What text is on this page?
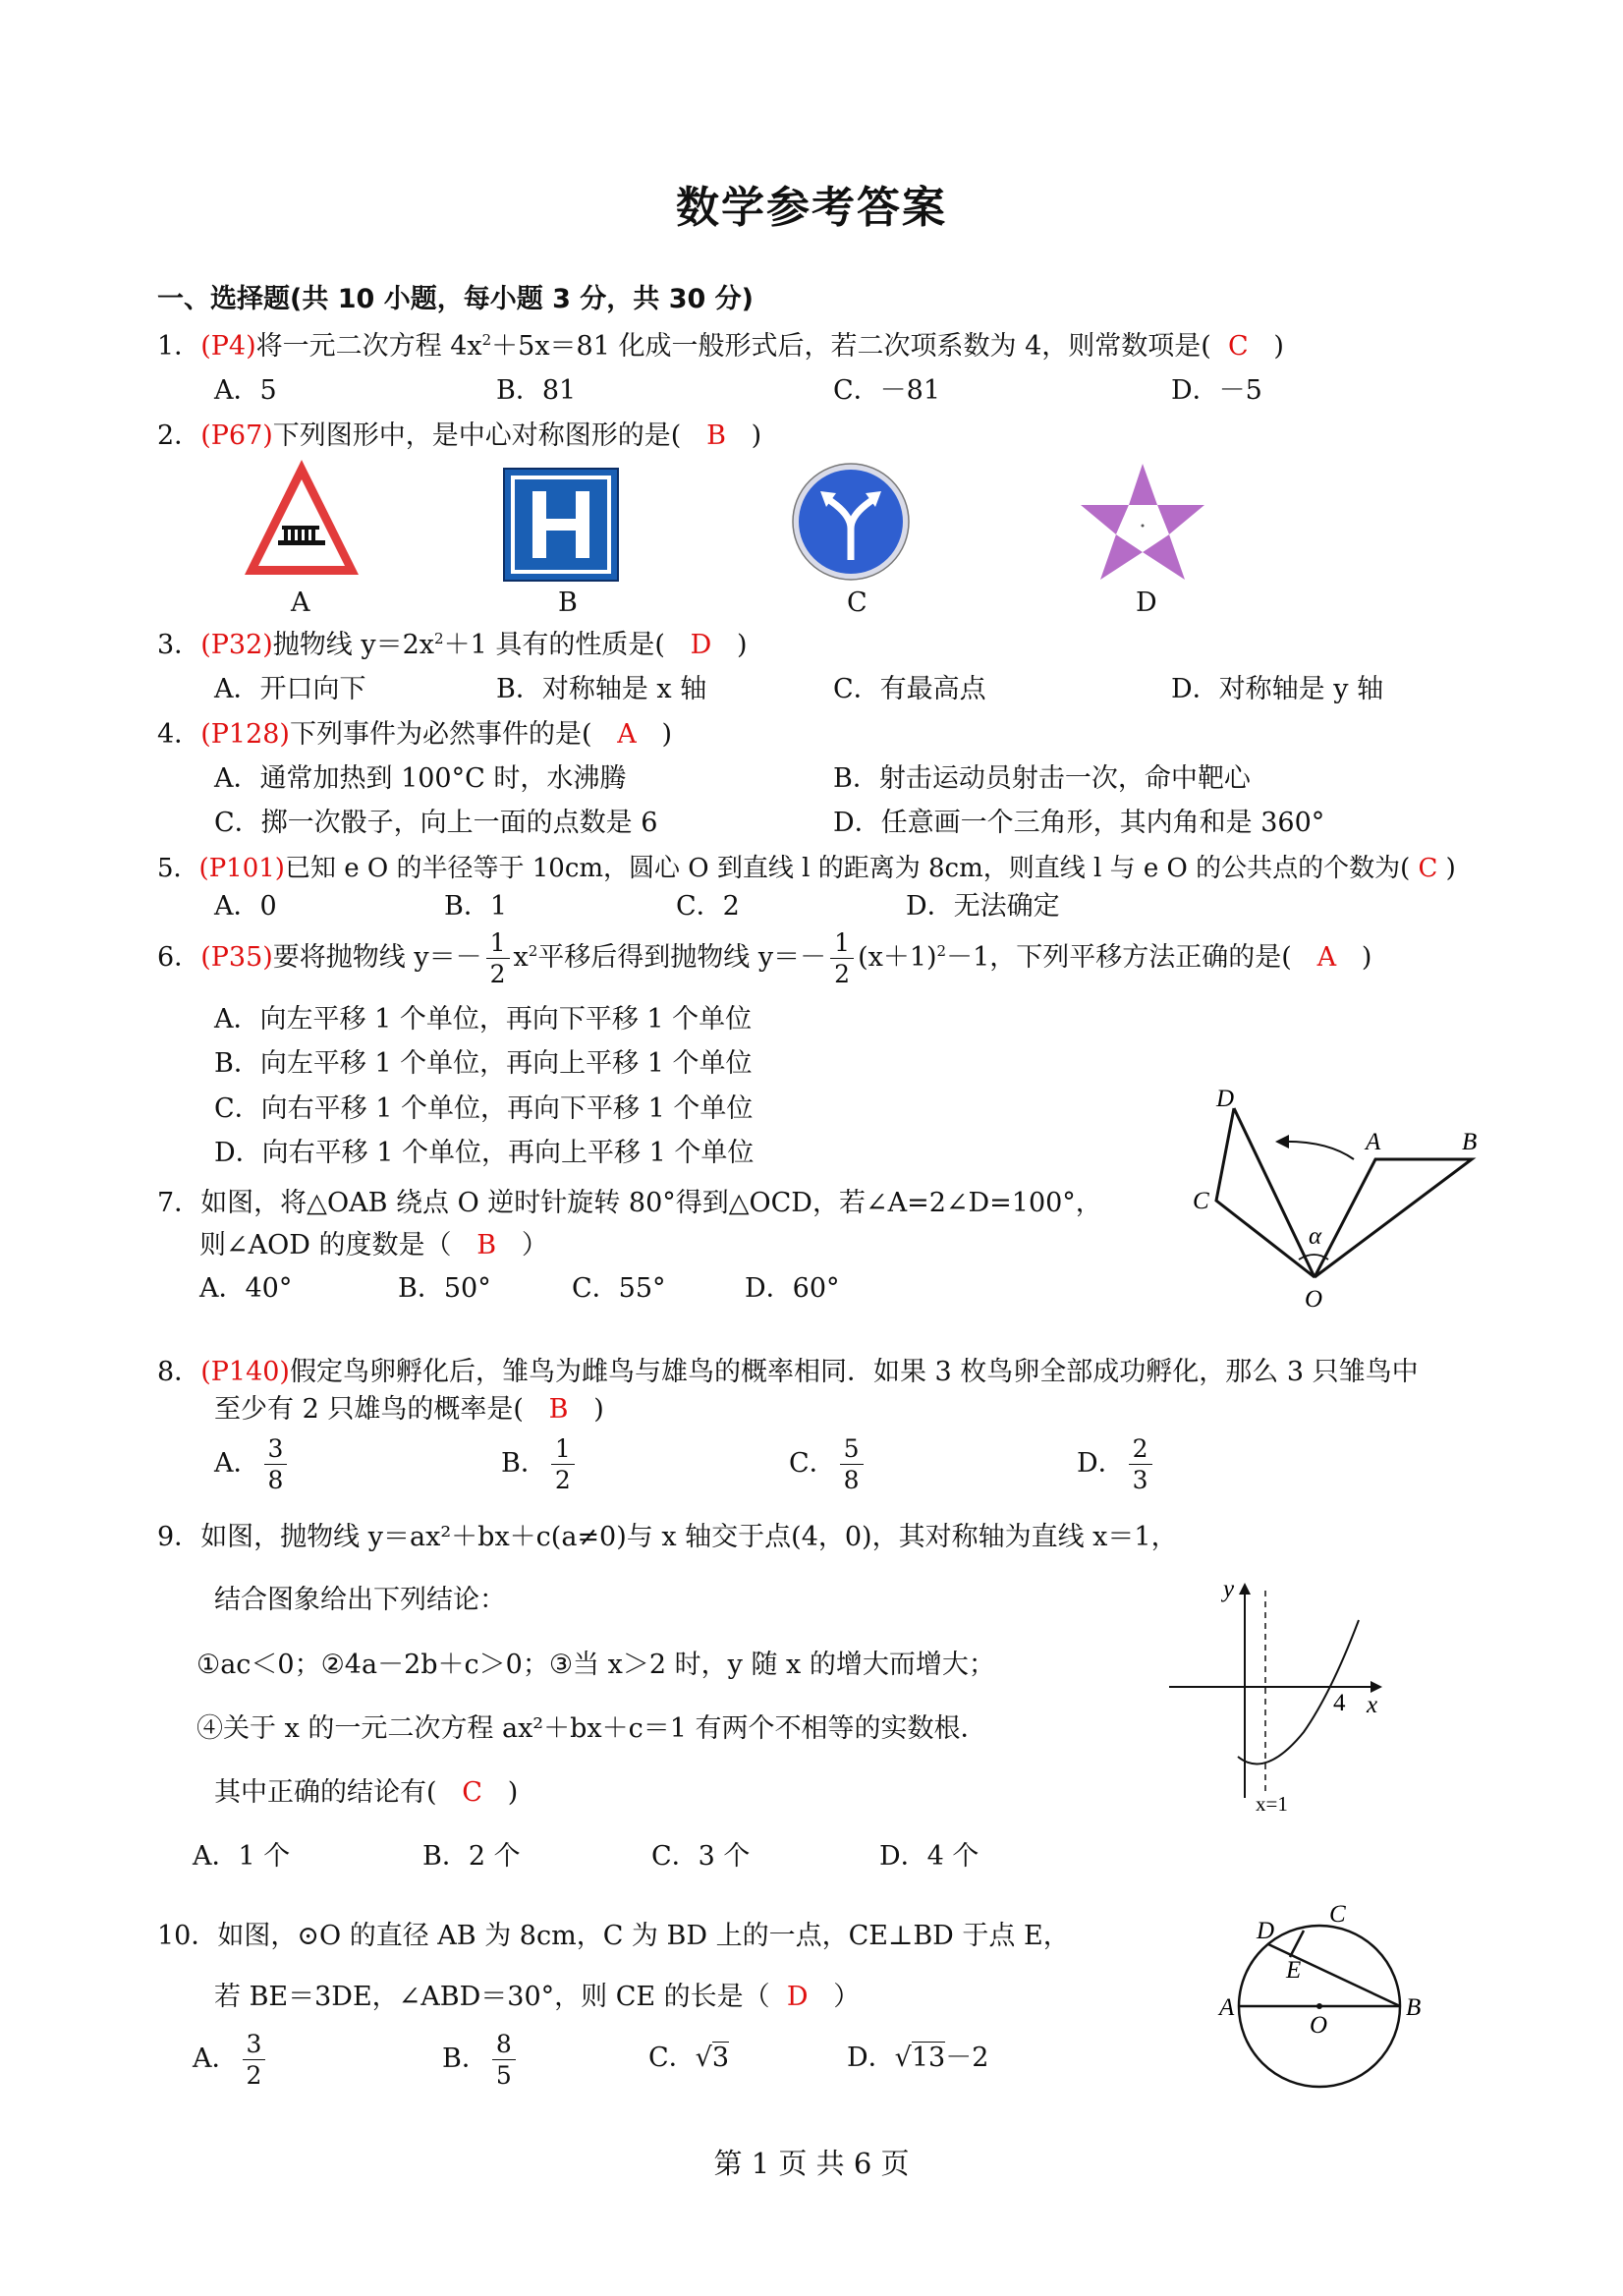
数学参考答案
一、选择题(共 10 小题，每小题 3 分，共 30 分)
1．(P4)将一元二次方程 $4x^2+5x=81$ 化成一般形式后，若二次项系数为 4，则常数项是( C )
A．5	B．81	C．－81	D．－5
2．(P67)下列图形中，是中心对称图形的是( B )
A	B	C	D
3．(P32)抛物线 $y=2x^2+1$ 具有的性质是( D )
A．开口向下	B．对称轴是 x 轴	C．有最高点	D．对称轴是 y 轴
4．(P128)下列事件为必然事件的是( A )
A．通常加热到 100°C 时，水沸腾	B．射击运动员射击一次，命中靶心
C．掷一次骰子，向上一面的点数是 6	D．任意画一个三角形，其内角和是 360°
5．(P101)已知 e O 的半径等于 10cm，圆心 O 到直线 l 的距离为 8cm，则直线 l 与 e O 的公共点的个数为( C )
A．0	B．1	C．2	D．无法确定
6．(P35)要将抛物线 $y=- \frac{1}{2} x^2$平移后得到抛物线 $y=- \frac{1}{2} (x+1)^2-1$，下列平移方法正确的是( A )
A．向左平移 1 个单位，再向下平移 1 个单位
B．向左平移 1 个单位，再向上平移 1 个单位
C．向右平移 1 个单位，再向下平移 1 个单位
D．向右平移 1 个单位，再向上平移 1 个单位
7．如图，将△OAB 绕点 O 逆时针旋转 80°得到△OCD，若∠A=2∠D=100°，
则∠AOD 的度数是（ B ）
A．40°	B．50°	C．55°	D．60°
D
A	B
C
α
O
8．(P140)假定鸟卵孵化后，雏鸟为雌鸟与雄鸟的概率相同．如果 3 枚鸟卵全部成功孵化，那么 3 只雏鸟中
至少有 2 只雄鸟的概率是( B )
A． $\frac{3}{8}$	B． $\frac{1}{2}$	C． $\frac{5}{8}$	D． $\frac{2}{3}$
9．如图，抛物线 y＝ax²＋bx＋c(a≠0)与 x 轴交于点(4，0)，其对称轴为直线 x＝1，
结合图象给出下列结论：
①ac＜0；②4a－2b＋c＞0；③当 x＞2 时，y 随 x 的增大而增大；
④关于 x 的一元二次方程 ax²＋bx＋c＝1 有两个不相等的实数根．
其中正确的结论有( C )
A．1 个	B．2 个	C．3 个	D．4 个
y
x
4
x=1
10．如图，⊙O 的直径 AB 为 8cm，C 为 BD 上的一点，CE⊥BD 于点 E，
若 BE＝3DE，∠ABD＝30°，则 CE 的长是（ D ）
A． $\frac{3}{2}$	B． $\frac{8}{5}$	C．√3	D．√13－2
D
C
E
A
O
B
第 1 页 共 6 页
